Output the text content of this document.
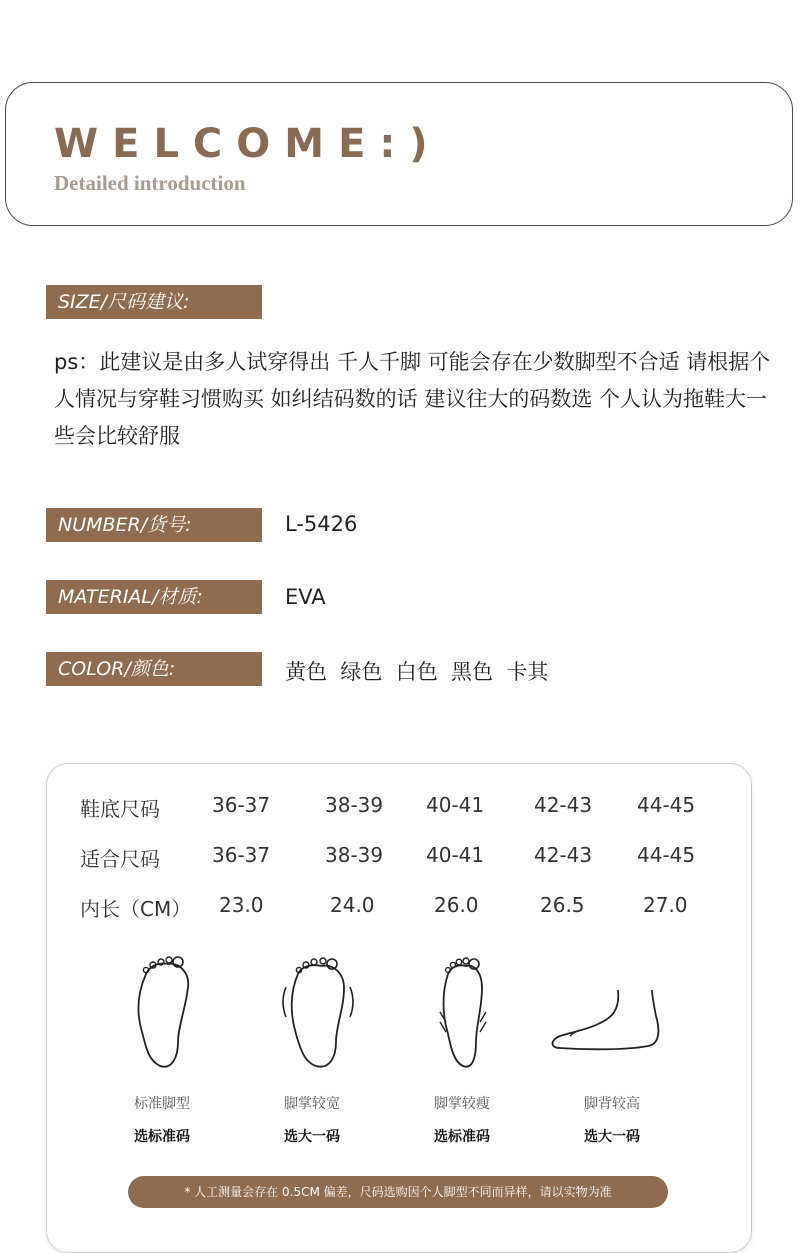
WELCOME:)
Detailed introduction
SIZE/尺码建议:
ps：此建议是由多人试穿得出 千人千脚 可能会存在少数脚型不合适 请根据个人情况与穿鞋习惯购买 如纠结码数的话 建议往大的码数选 个人认为拖鞋大一些会比较舒服
NUMBER/货号:	L-5426
MATERIAL/材质:	EVA
COLOR/颜色:	黄色  绿色  白色  黑色  卡其
鞋底尺码	36-37	38-39 40-41 42-43 44-45
适合尺码	36-37	38-39 40-41 42-43 44-45
内长（CM） 23.0	24.0	26.0	26.5	27.0
标准脚型	脚掌较宽	脚掌较瘦	脚背较高
选标准码	选大一码	选标准码	选大一码
* 人工测量会存在 0.5CM 偏差，尺码选购因个人脚型不同而异样，请以实物为准
